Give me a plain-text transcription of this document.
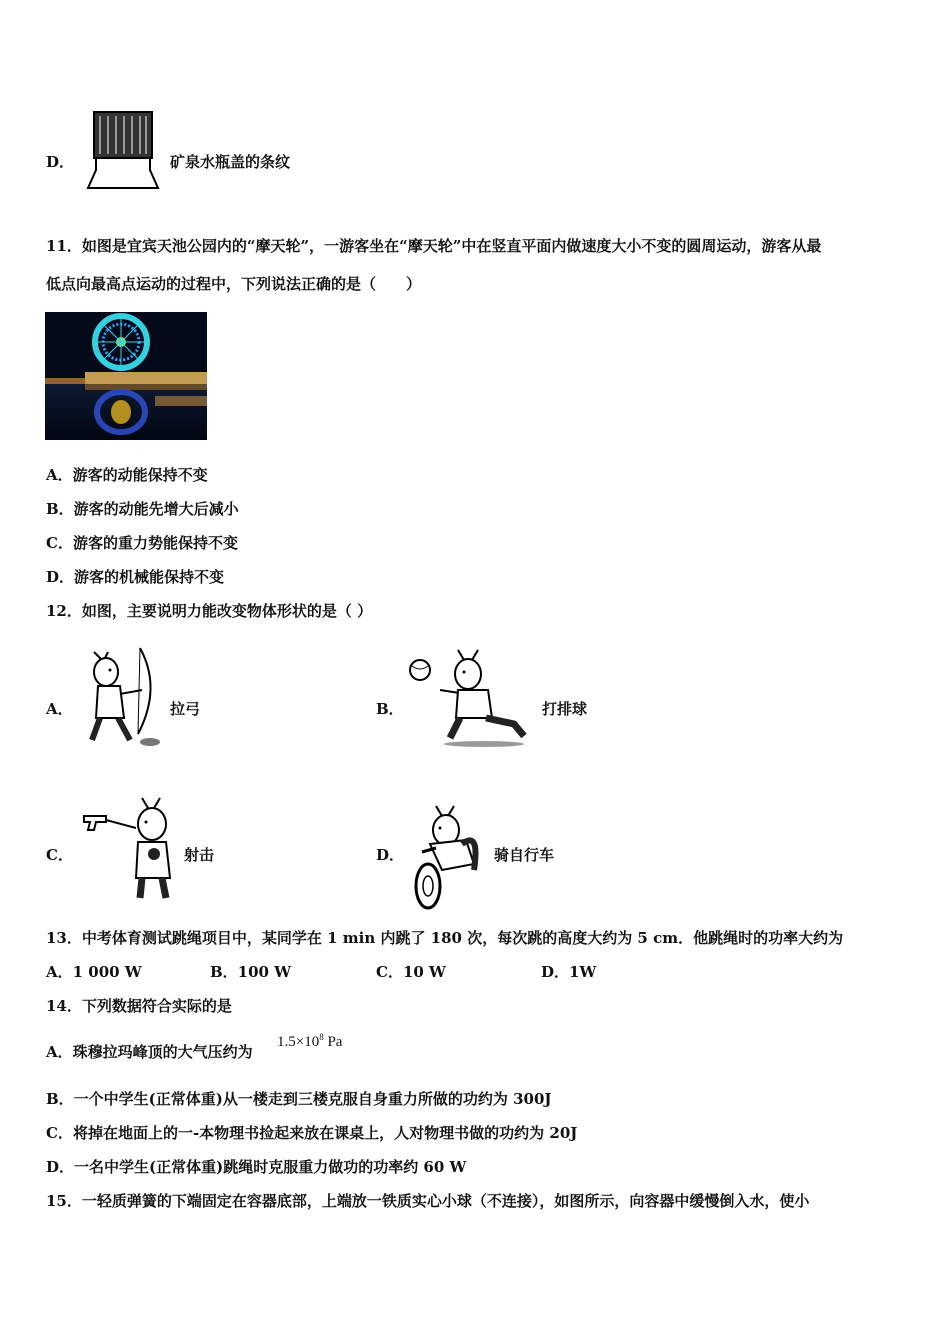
D．	矿泉水瓶盖的条纹
11．如图是宜宾天池公园内的“摩天轮”，一游客坐在“摩天轮”中在竖直平面内做速度大小不变的圆周运动，游客从最
低点向最高点运动的过程中，下列说法正确的是（　　）
A．游客的动能保持不变
B．游客的动能先增大后减小
C．游客的重力势能保持不变
D．游客的机械能保持不变
12．如图，主要说明力能改变物体形状的是（ ）
A．	拉弓	B．	打排球
C．	射击	D．	骑自行车
13．中考体育测试跳绳项目中，某同学在 1 min 内跳了 180 次，每次跳的高度大约为 5 cm．他跳绳时的功率大约为
A．1 000 W	B．100 W	C．10 W	D．1W
14．下列数据符合实际的是
A．珠穆拉玛峰顶的大气压约为
$1.5\times 10^8$ Pa
B．一个中学生(正常体重)从一楼走到三楼克服自身重力所做的功约为 300J
C．将掉在地面上的一-本物理书捡起来放在课桌上，人对物理书做的功约为 20J
D．一名中学生(正常体重)跳绳时克服重力做功的功率约 60 W
15．一轻质弹簧的下端固定在容器底部，上端放一铁质实心小球（不连接），如图所示，向容器中缓慢倒入水，使小
